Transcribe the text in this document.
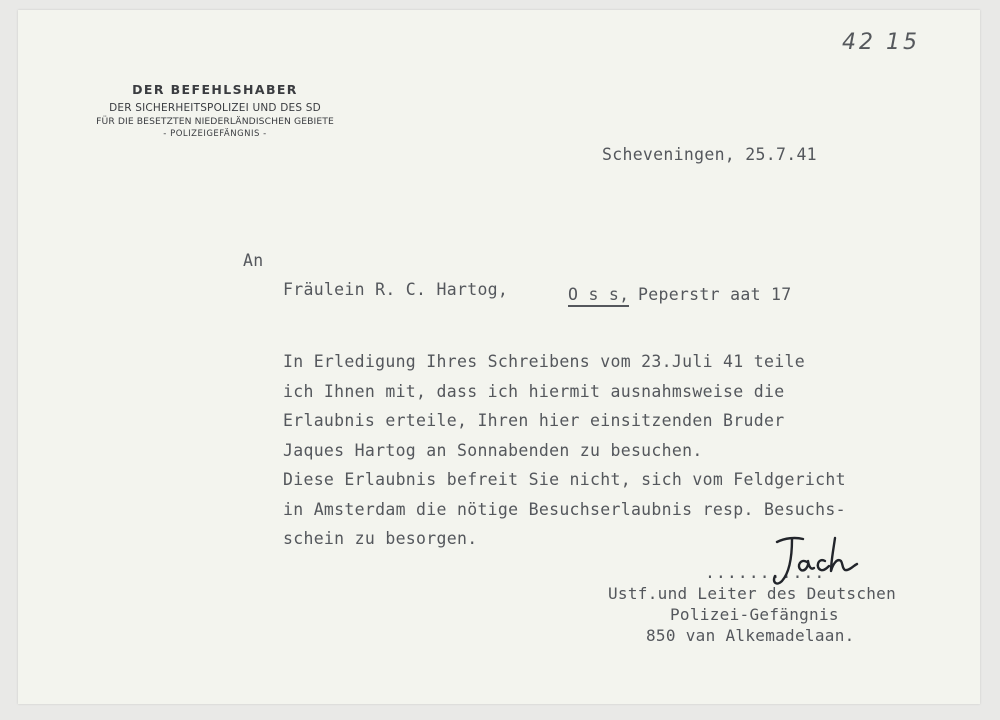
42 15
DER BEFEHLSHABER
DER SICHERHEITSPOLIZEI UND DES SD
FÜR DIE BESETZTEN NIEDERLÄNDISCHEN GEBIETE
- POLIZEIGEFÄNGNIS -
Scheveningen, 25.7.41
An
Fräulein R. C. Hartog,	O s s, Peperstr aat 17
In Erledigung Ihres Schreibens vom 23.Juli 41 teile
ich Ihnen mit, dass ich hiermit ausnahmsweise die
Erlaubnis erteile, Ihren hier einsitzenden Bruder
Jaques Hartog an Sonnabenden zu besuchen.
Diese Erlaubnis befreit Sie nicht, sich vom Feldgericht
in Amsterdam die nötige Besuchserlaubnis resp. Besuchs-
schein zu besorgen.
...........
Ustf.und Leiter des Deutschen
Polizei-Gefängnis
850 van Alkemadelaan.
